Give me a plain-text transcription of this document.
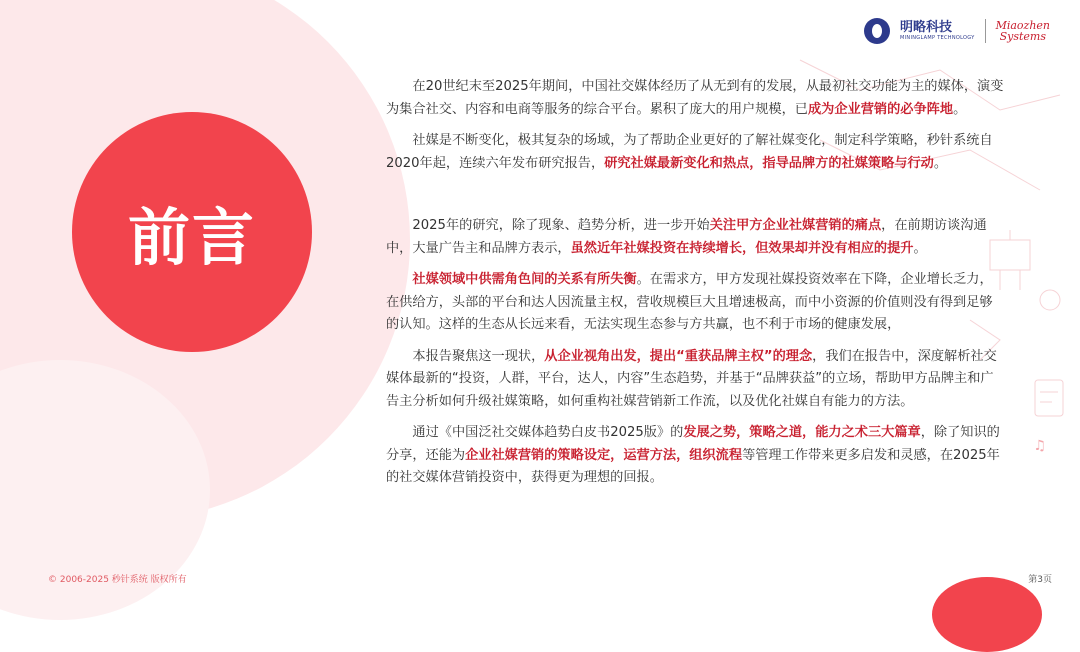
前言
明略科技
MININGLAMP TECHNOLOGY
Miaozhen
Systems

在20世纪末至2025年期间，中国社交媒体经历了从无到有的发展，从最初社交功能为主的媒体，演变为集合社交、内容和电商等服务的综合平台。累积了庞大的用户规模，已成为企业营销的必争阵地。

社媒是不断变化，极其复杂的场域，为了帮助企业更好的了解社媒变化，制定科学策略，秒针系统自2020年起，连续六年发布研究报告，研究社媒最新变化和热点，指导品牌方的社媒策略与行动。

2025年的研究，除了现象、趋势分析，进一步开始关注甲方企业社媒营销的痛点，在前期访谈沟通中，大量广告主和品牌方表示，虽然近年社媒投资在持续增长，但效果却并没有相应的提升。

社媒领域中供需角色间的关系有所失衡。在需求方，甲方发现社媒投资效率在下降，企业增长乏力，在供给方，头部的平台和达人因流量主权，营收规模巨大且增速极高，而中小资源的价值则没有得到足够的认知。这样的生态从长远来看，无法实现生态参与方共赢，也不利于市场的健康发展，

本报告聚焦这一现状，从企业视角出发，提出“重获品牌主权”的理念，我们在报告中，深度解析社交媒体最新的“投资，人群，平台，达人，内容”生态趋势，并基于“品牌获益”的立场，帮助甲方品牌主和广告主分析如何升级社媒策略，如何重构社媒营销新工作流，以及优化社媒自有能力的方法。

通过《中国泛社交媒体趋势白皮书2025版》的发展之势，策略之道，能力之术三大篇章，除了知识的分享，还能为企业社媒营销的策略设定，运营方法，组织流程等管理工作带来更多启发和灵感，在2025年的社交媒体营销投资中，获得更为理想的回报。

♫
© 2006-2025 秒针系统 版权所有	第3页
